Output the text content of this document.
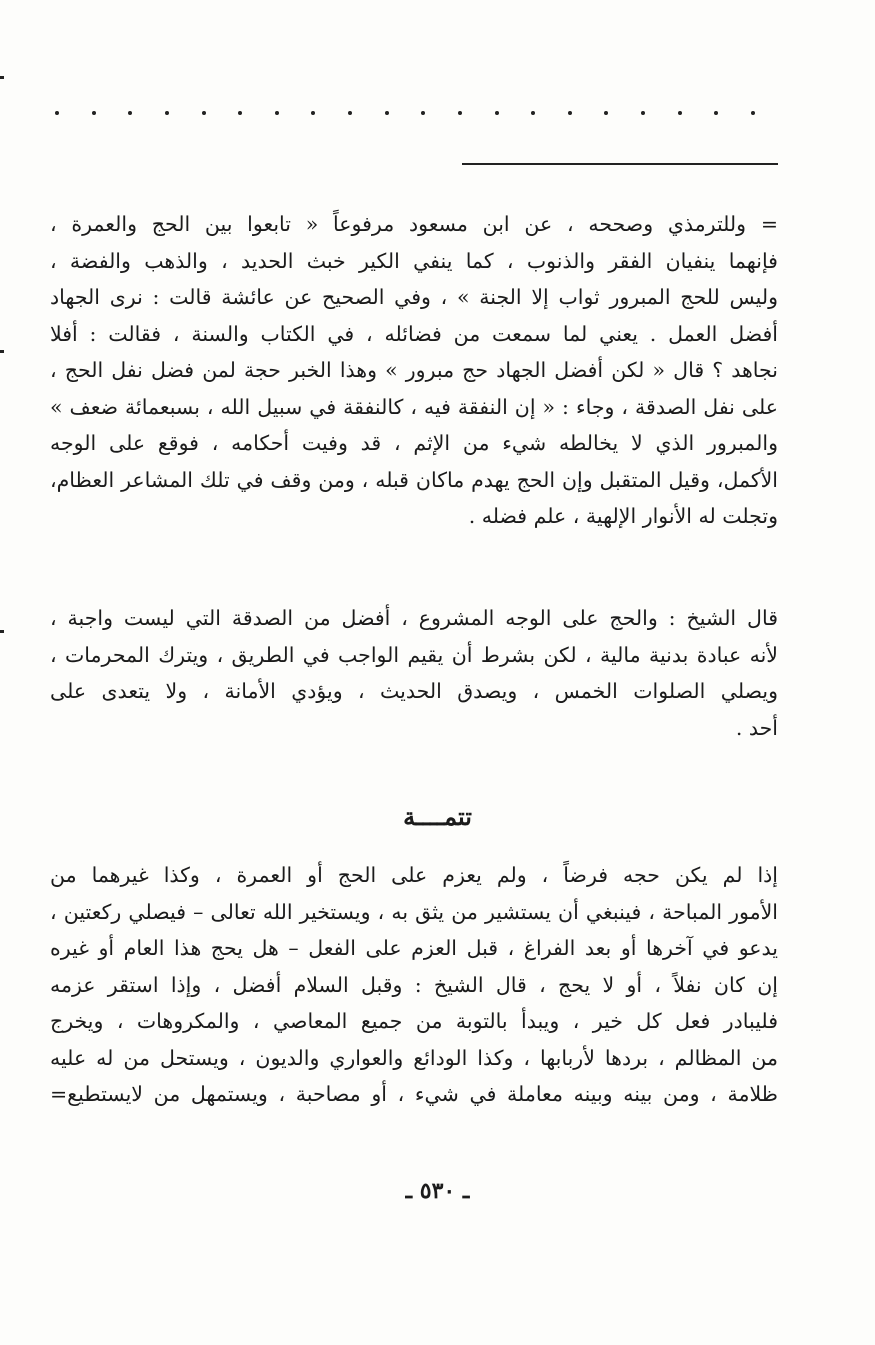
= وللترمذي وصححه ، عن ابن مسعود مرفوعاً « تابعوا بين الحج والعمرة ،
فإنهما ينفيان الفقر والذنوب ، كما ينفي الكير خبث الحديد ، والذهب والفضة ،
وليس للحج المبرور ثواب إلا الجنة » ، وفي الصحيح عن عائشة قالت : نرى الجهاد
أفضل العمل . يعني لما سمعت من فضائله ، في الكتاب والسنة ، فقالت : أفلا
نجاهد ؟ قال « لكن أفضل الجهاد حج مبرور » وهذا الخبر حجة لمن فضل نفل الحج ،
على نفل الصدقة ، وجاء : « إن النفقة فيه ، كالنفقة في سبيل الله ، بسبعمائة ضعف »
والمبرور الذي لا يخالطه شيء من الإثم ، قد وفيت أحكامه ، فوقع على الوجه
الأكمل، وقيل المتقبل وإن الحج يهدم ماكان قبله ، ومن وقف في تلك المشاعر العظام،
وتجلت له الأنوار الإلهية ، علم فضله .
قال الشيخ : والحج على الوجه المشروع ، أفضل من الصدقة التي ليست واجبة ،
لأنه عبادة بدنية مالية ، لكن بشرط أن يقيم الواجب في الطريق ، ويترك المحرمات ،
ويصلي الصلوات الخمس ، ويصدق الحديث ، ويؤدي الأمانة ، ولا يتعدى على
أحد .
تتمــــة
إذا لم يكن حجه فرضاً ، ولم يعزم على الحج أو العمرة ، وكذا غيرهما من
الأمور المباحة ، فينبغي أن يستشير من يثق به ، ويستخير الله تعالى – فيصلي ركعتين ،
يدعو في آخرها أو بعد الفراغ ، قبل العزم على الفعل – هل يحج هذا العام أو غيره
إن كان نفلاً ، أو لا يحج ، قال الشيخ : وقبل السلام أفضل ، وإذا استقر عزمه
فليبادر فعل كل خير ، ويبدأ بالتوبة من جميع المعاصي ، والمكروهات ، ويخرج
من المظالم ، بردها لأربابها ، وكذا الودائع والعواري والديون ، ويستحل من له عليه
ظلامة ، ومن بينه وبينه معاملة في شيء ، أو مصاحبة ، ويستمهل من لايستطيع=
ـ ٥٣٠ ـ
